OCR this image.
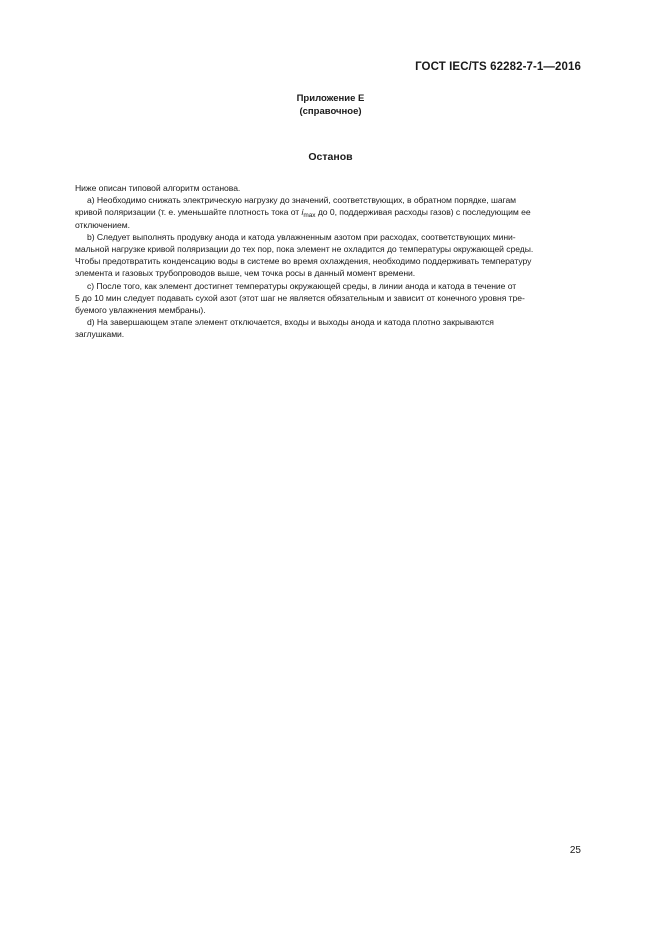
ГОСТ IEC/TS 62282-7-1—2016
Приложение Е
(справочное)
Останов
Ниже описан типовой алгоритм останова.
а) Необходимо снижать электрическую нагрузку до значений, соответствующих, в обратном порядке, шагам
кривой поляризации (т. е. уменьшайте плотность тока от $i_{max}$ до 0, поддерживая расходы газов) с последующим ее
отключением.
b) Следует выполнять продувку анода и катода увлажненным азотом при расходах, соответствующих мини-
мальной нагрузке кривой поляризации до тех пор, пока элемент не охладится до температуры окружающей среды.
Чтобы предотвратить конденсацию воды в системе во время охлаждения, необходимо поддерживать температуру
элемента и газовых трубопроводов выше, чем точка росы в данный момент времени.
с) После того, как элемент достигнет температуры окружающей среды, в линии анода и катода в течение от
5 до 10 мин следует подавать сухой азот (этот шаг не является обязательным и зависит от конечного уровня тре-
буемого увлажнения мембраны).
d) На завершающем этапе элемент отключается, входы и выходы анода и катода плотно закрываются
заглушками.
25
